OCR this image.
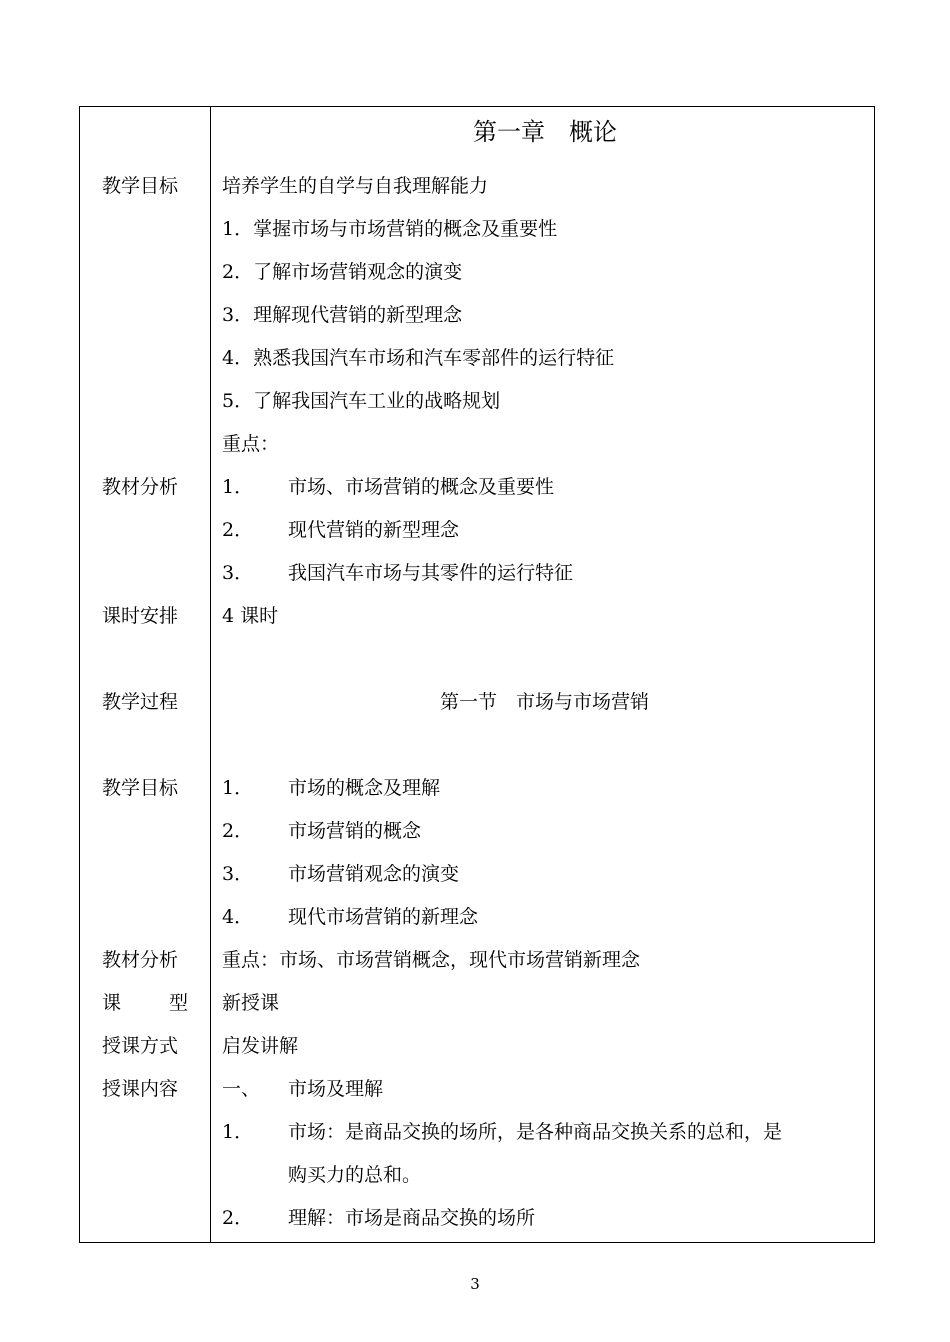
第一章　概论
教学目标 培养学生的自学与自我理解能力
1．掌握市场与市场营销的概念及重要性
2．了解市场营销观念的演变
3．理解现代营销的新型理念
4．熟悉我国汽车市场和汽车零部件的运行特征
5．了解我国汽车工业的战略规划
重点：
教材分析 1． 市场、市场营销的概念及重要性
2． 现代营销的新型理念
3． 我国汽车市场与其零件的运行特征
课时安排 4 课时
教学过程	第一节　市场与市场营销
教学目标 1． 市场的概念及理解
2． 市场营销的概念
3． 市场营销观念的演变
4． 现代市场营销的新理念
教材分析 重点：市场、市场营销概念，现代市场营销新理念
课	型 新授课
授课方式 启发讲解
授课内容 一、 市场及理解
1． 市场：是商品交换的场所，是各种商品交换关系的总和，是
购买力的总和。
2． 理解：市场是商品交换的场所
3
